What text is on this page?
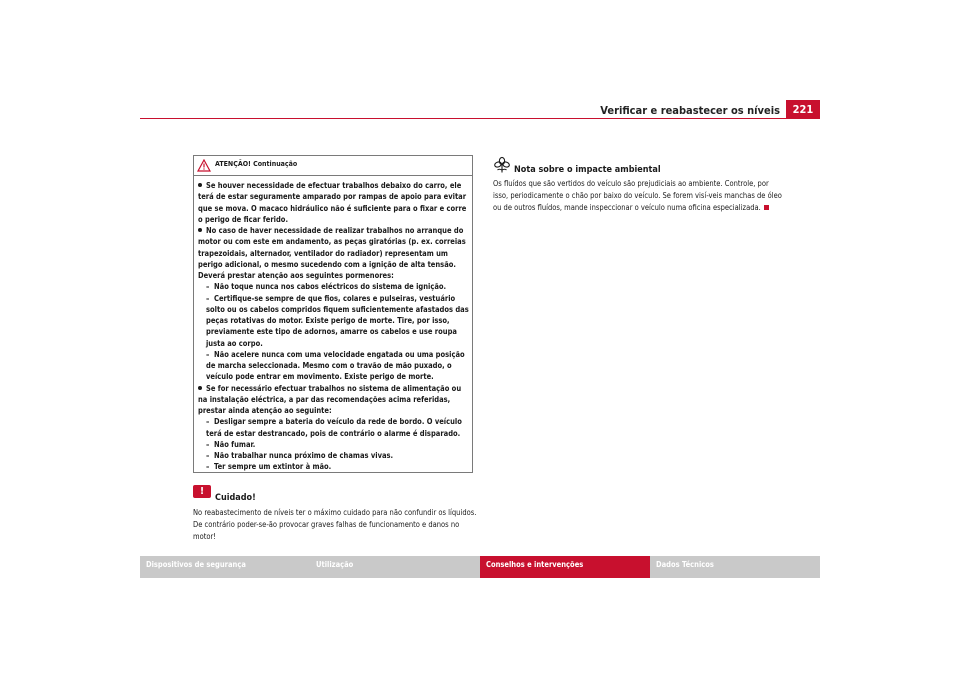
Verificar e reabastecer os níveis	221
ATENÇÃO! Continuação
Se houver necessidade de efectuar trabalhos debaixo do carro, ele terá de estar seguramente amparado por rampas de apoio para evitar que se mova. O macaco hidráulico não é suficiente para o fixar e corre o perigo de ficar ferido.
No caso de haver necessidade de realizar trabalhos no arranque do motor ou com este em andamento, as peças giratórias (p. ex. correias trapezoidais, alternador, ventilador do radiador) representam um perigo adicional, o mesmo sucedendo com a ignição de alta tensão. Deverá prestar atenção aos seguintes pormenores:
– Não toque nunca nos cabos eléctricos do sistema de ignição.
– Certifique-se sempre de que fios, colares e pulseiras, vestuário solto ou os cabelos compridos fiquem suficientemente afastados das peças rotativas do motor. Existe perigo de morte. Tire, por isso, previamente este tipo de adornos, amarre os cabelos e use roupa justa ao corpo.
– Não acelere nunca com uma velocidade engatada ou uma posição de marcha seleccionada. Mesmo com o travão de mão puxado, o veículo pode entrar em movimento. Existe perigo de morte.
Se for necessário efectuar trabalhos no sistema de alimentação ou na instalação eléctrica, a par das recomendações acima referidas, prestar ainda atenção ao seguinte:
– Desligar sempre a bateria do veículo da rede de bordo. O veículo terá de estar destrancado, pois de contrário o alarme é disparado.
– Não fumar.
– Não trabalhar nunca próximo de chamas vivas.
– Ter sempre um extintor à mão.
!
Cuidado!
No reabastecimento de níveis ter o máximo cuidado para não confundir os líquidos. De contrário poder-se-ão provocar graves falhas de funcionamento e danos no motor!
Nota sobre o impacte ambiental
Os fluídos que são vertidos do veículo são prejudiciais ao ambiente. Controle, por isso, periodicamente o chão por baixo do veículo. Se forem visí-veis manchas de óleo ou de outros fluídos, mande inspeccionar o veículo numa oficina especializada.
Dispositivos de segurança	Utilização	Conselhos e intervenções	Dados Técnicos
